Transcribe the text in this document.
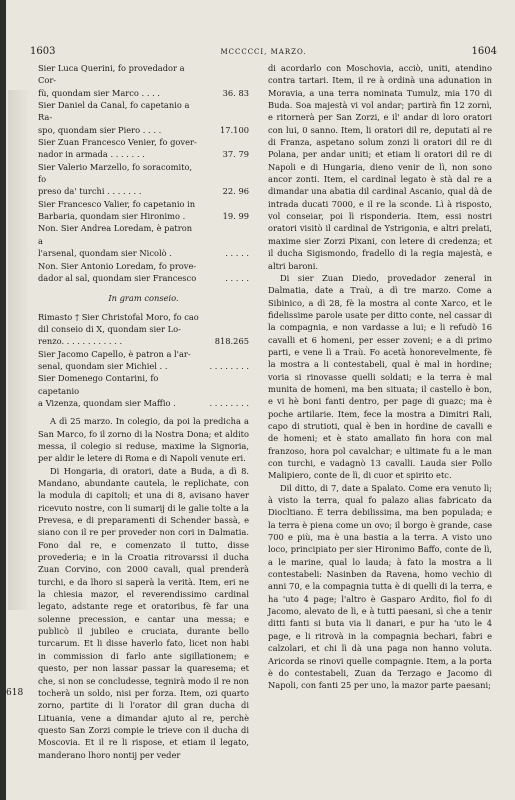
1603	MCCCCCI, MARZO.	1604
Sier Luca Querini, fo provedador a Cor-
fù, quondam sier Marco . . . .	36. 83
Sier Daniel da Canal, fo capetanio a Ra-
spo, quondam sier Piero . . . .	17.100
Sier Zuan Francesco Venier, fo gover-
nador in armada . . . . . . .	37. 79
Sier Valerio Marzello, fo soracomito, fo
preso da' turchi . . . . . . .	22. 96
Sier Francesco Valier, fo capetanio in
Barbaria, quondam sier Hironimo .	19. 99
Non. Sier Andrea Loredam, è patron a
l'arsenal, quondam sier Nicolò .	. . . . .
Non. Sier Antonio Loredam, fo prove-
dador al sal, quondam sier Francesco	. . . . .
In gram conseio.
Rimasto † Sier Christofal Moro, fo cao
dil conseio di X, quondam sier Lo-
renzo. . . . . . . . . . . .	818.265
Sier Jacomo Capello, è patron a l'ar-
senal, quondam sier Michiel . .	. . . . . . . .
Sier Domenego Contarini, fo capetanio
a Vizenza, quondam sier Maffio .	. . . . . . . .

A dì 25 marzo. In colegio, da poi la predicha a San Marco, fo il zorno di la Nostra Dona; et aldito messa, il colegio si reduse, maxime la Signoria, per aldir le letere di Roma e di Napoli venute eri.

Di Hongaria, di oratori, date a Buda, a dì 8. Mandano, abundante cautela, le replichate, con la modula di capitoli; et una di 8, avisano haver ricevuto nostre, con li sumarij di le galie tolte a la Prevesa, e di preparamenti di Schender bassà, e siano con il re per proveder non cori in Dalmatia. Fono dal re, e comenzato il tutto, disse provederia; e in la Croatia ritrovarssi il ducha Zuan Corvino, con 2000 cavali, qual prenderà turchi, e da lhoro si saperà la verità. Item, eri ne la chiesia mazor, el reverendissimo cardinal legato, adstante rege et oratoribus, fè far una solenne precession, e cantar una messa; e publicò il jubileo e cruciata, durante bello turcarum. Et li disse haverlo fato, licet non habi in commission di farlo ante sigillationem; e questo, per non lassar passar la quaresema; et che, si non se concludesse, tegnirà modo il re non tocherà un soldo, nisi per forza. Item, ozi quarto zorno, partite di li l'orator dil gran ducha di Lituania, vene a dimandar ajuto al re, perchè questo San Zorzi compie le trieve con il ducha di Moscovia. Et il re li rispose, et etiam il legato, manderano lhoro nontij per veder

di acordarlo con Moschovia, acciò, uniti, atendino contra tartari. Item, il re à ordinà una adunation in Moravia, a una terra nominata Tumulz, mia 170 di Buda. Soa majestà vi vol andar; partirà fin 12 zornì, e ritornerà per San Zorzi, e il' andar di loro oratori con lui, 0 sanno. Item, li oratori dil re, deputati al re di Franza, aspetano solum zonzi li oratori dil re di Polana, per andar uniti; et etiam li oratori dil re di Napoli e di Hungaria, dieno venir de lì, non sono ancor zonti. Item, el cardinal legato è stà dal re a dimandar una abatia dil cardinal Ascanio, qual dà de intrada ducati 7000, e il re la sconde. Lì à risposto, vol conseiar, poi lì risponderia. Item, essi nostri oratori visitò il cardinal de Ystrigonia, e altri prelati, maxime sier Zorzi Pixani, con letere di credenza; et il ducha Sigismondo, fradello di la regia majestà, e altri baroni.

Di sier Zuan Diedo, provedador zeneral in Dalmatia, date a Traù, a dì tre marzo. Come a Sibinico, a dì 28, fè la mostra al conte Xarco, et le fidelissime parole usate per ditto conte, nel cassar di la compagnia, e non vardasse a lui; e li refudò 16 cavalli et 6 homeni, per esser zoveni; e a di primo parti, e vene lì a Traù. Fo acetà honorevelmente, fè la mostra a li contestabeli, qual è mal in hordine; voria si rinovasse quelli soldati; e la terra è mal munita de homeni, ma ben situata; il castello è bon, e vi hè boni fanti dentro, per page di guazc; ma è poche artilarie. Item, fece la mostra a Dimitri Rali, capo di strutioti, qual è ben in hordine de cavalli e de homeni; et è stato amallato fin hora con mal franzoso, hora pol cavalchar; e ultimate fu a le man con turchi, e vadagnò 13 cavalli. Lauda sier Pollo Malipiero, conte de lì, di cuor et spirito etc.

Dil ditto, di 7, date a Spalato. Come era venuto lì; à visto la terra, qual fo palazo alias fabricato da Diocltiano. È terra debilissima, ma ben populada; e la terra è piena come un ovo; il borgo è grande, case 700 e più, ma è una bastia a la terra. A visto uno loco, principiato per sier Hironimo Baffo, conte de lì, a le marine, qual lo lauda; à fato la mostra a li contestabeli: Nasinben da Ravena, homo vechio di anni 70, e la compagnia tutta è di quelli di la terra, e ha 'uto 4 page; l'altro è Gasparo Ardito, fiol fo di Jacomo, alevato de lì, e à tutti paesani, sì che a tenir ditti fanti si buta via li danari, e pur ha 'uto le 4 page, e li ritrovà in la compagnia bechari, fabri e calzolari, et chi lì dà una paga non hanno voluta. Aricorda se rinovi quelle compagnie. Item, a la porta è do contestabeli, Zuan da Terzago e Jacomo di Napoli, con fanti 25 per uno, la mazor parte paesani;

618
